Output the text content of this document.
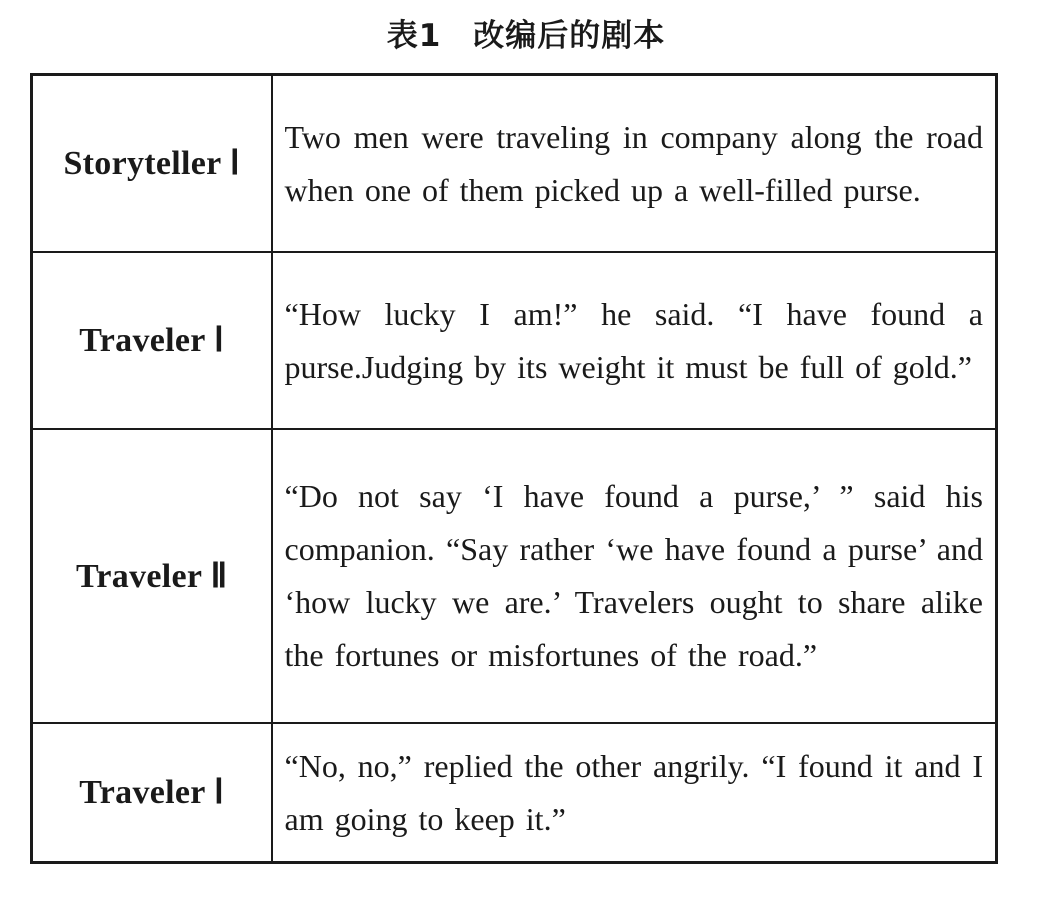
表1　改编后的剧本
Storyteller Ⅰ	Two men were traveling in company along the road when one of them picked up a well-filled purse.
Traveler Ⅰ	“How lucky I am!” he said. “I have found a purse.Judging by its weight it must be full of gold.”
Traveler Ⅱ	“Do not say ‘I have found a purse,’ ” said his companion. “Say rather ‘we have found a purse’ and ‘how lucky we are.’ Travelers ought to share alike the fortunes or misfortunes of the road.”
Traveler Ⅰ	“No, no,” replied the other angrily. “I found it and I am going to keep it.”
